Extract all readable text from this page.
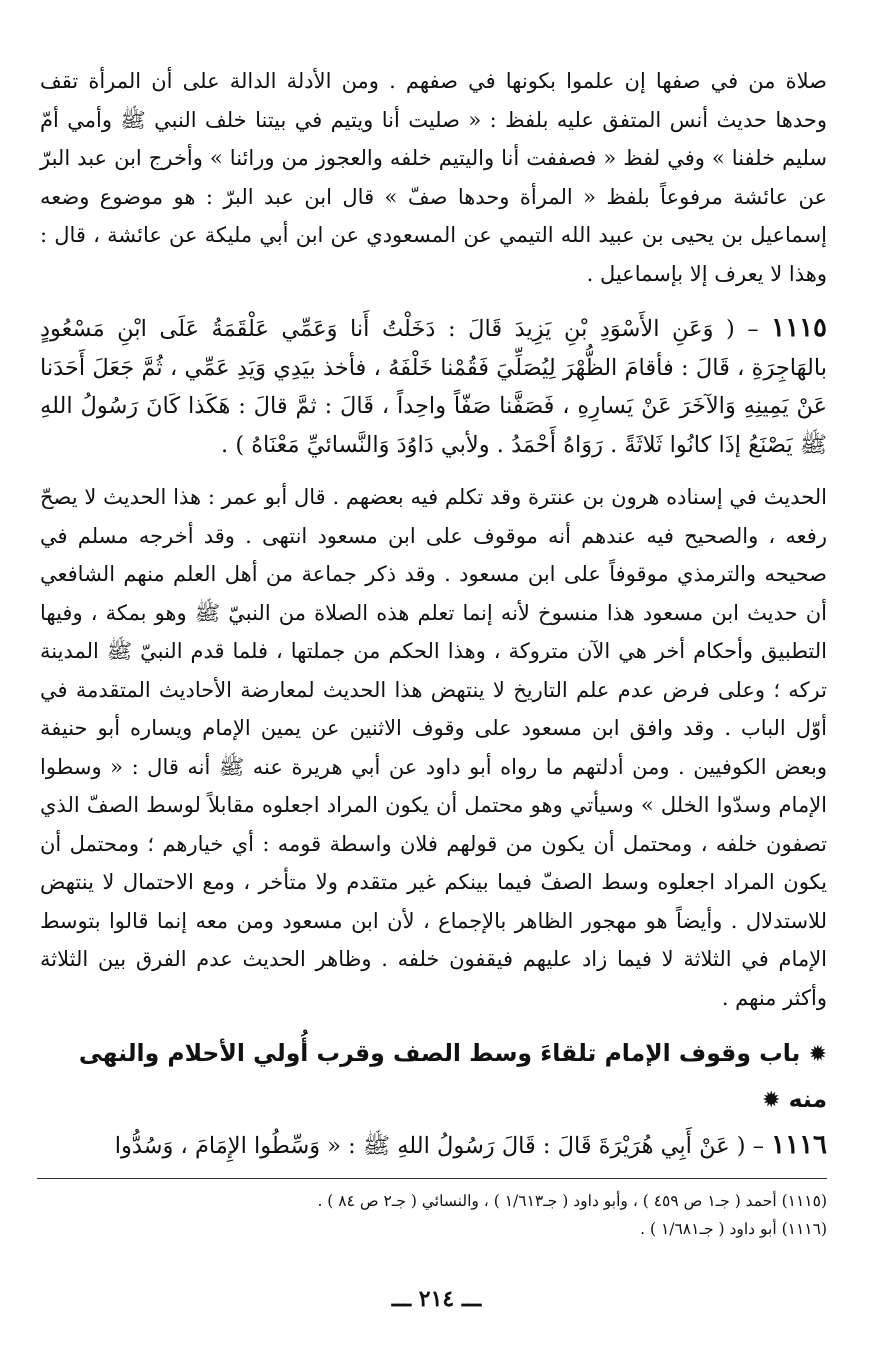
صلاة من في صفها إن علموا بكونها في صفهم . ومن الأدلة الدالة على أن المرأة تقف وحدها حديث أنس المتفق عليه بلفظ : « صليت أنا ويتيم في بيتنا خلف النبي ﷺ وأمي أمّ سليم خلفنا » وفي لفظ « فصففت أنا واليتيم خلفه والعجوز من ورائنا » وأخرج ابن عبد البرّ عن عائشة مرفوعاً بلفظ « المرأة وحدها صفّ » قال ابن عبد البرّ : هو موضوع وضعه إسماعيل بن يحيى بن عبيد الله التيمي عن المسعودي عن ابن أبي مليكة عن عائشة ، قال : وهذا لا يعرف إلا بإسماعيل .

١١١٥ – ( وَعَنِ الأَسْوَدِ بْنِ يَزِيدَ قَالَ : دَخَلْتُ أَنا وَعَمِّي عَلْقَمَةُ عَلَى ابْنِ مَسْعُودٍ بالهَاجِرَةِ ، قَالَ : فأقامَ الظُّهْرَ لِيُصَلِّيَ فَقُمْنا خَلْفَهُ ، فأخذ بيَدِي وَيَدِ عَمِّي ، ثُمَّ جَعَلَ أَحَدَنا عَنْ يَمِينِهِ وَالآخَرَ عَنْ يَسارِهِ ، فَصَفَّنا صَفّاً واحِداً ، قَالَ : ثمَّ قالَ : هَكَذا كَانَ رَسُولُ اللهِ ﷺ يَصْنَعُ إذَا كانُوا ثَلاثَةً . رَوَاهُ أَحْمَدُ . ولأبي دَاوُدَ وَالنَّسائيِّ مَعْنَاهُ ) .

الحديث في إسناده هرون بن عنترة وقد تكلم فيه بعضهم . قال أبو عمر : هذا الحديث لا يصحّ رفعه ، والصحيح فيه عندهم أنه موقوف على ابن مسعود انتهى . وقد أخرجه مسلم في صحيحه والترمذي موقوفاً على ابن مسعود . وقد ذكر جماعة من أهل العلم منهم الشافعي أن حديث ابن مسعود هذا منسوخ لأنه إنما تعلم هذه الصلاة من النبيّ ﷺ وهو بمكة ، وفيها التطبيق وأحكام أخر هي الآن متروكة ، وهذا الحكم من جملتها ، فلما قدم النبيّ ﷺ المدينة تركه ؛ وعلى فرض عدم علم التاريخ لا ينتهض هذا الحديث لمعارضة الأحاديث المتقدمة في أوّل الباب . وقد وافق ابن مسعود على وقوف الاثنين عن يمين الإمام ويساره أبو حنيفة وبعض الكوفيين . ومن أدلتهم ما رواه أبو داود عن أبي هريرة عنه ﷺ أنه قال : « وسطوا الإمام وسدّوا الخلل » وسيأتي وهو محتمل أن يكون المراد اجعلوه مقابلاً لوسط الصفّ الذي تصفون خلفه ، ومحتمل أن يكون من قولهم فلان واسطة قومه : أي خيارهم ؛ ومحتمل أن يكون المراد اجعلوه وسط الصفّ فيما بينكم غير متقدم ولا متأخر ، ومع الاحتمال لا ينتهض للاستدلال . وأيضاً هو مهجور الظاهر بالإجماع ، لأن ابن مسعود ومن معه إنما قالوا بتوسط الإمام في الثلاثة لا فيما زاد عليهم فيقفون خلفه . وظاهر الحديث عدم الفرق بين الثلاثة وأكثر منهم .

✹ باب وقوف الإمام تلقاءَ وسط الصف وقرب أُولي الأحلام والنهى منه ✹

١١١٦ – ( عَنْ أَبِي هُرَيْرَةَ قَالَ : قَالَ رَسُولُ اللهِ ﷺ : « وَسِّطُوا الإِمَامَ ، وَسُدُّوا

(١١١٥) أحمد ( جـ١ ص ٤٥٩ ) ، وأبو داود ( جـ١/٦١٣ ) ، والنسائي ( جـ٢ ص ٨٤ ) .

(١١١٦) أبو داود ( جـ١/٦٨١ ) .

ـــ ٢١٤ ـــ
